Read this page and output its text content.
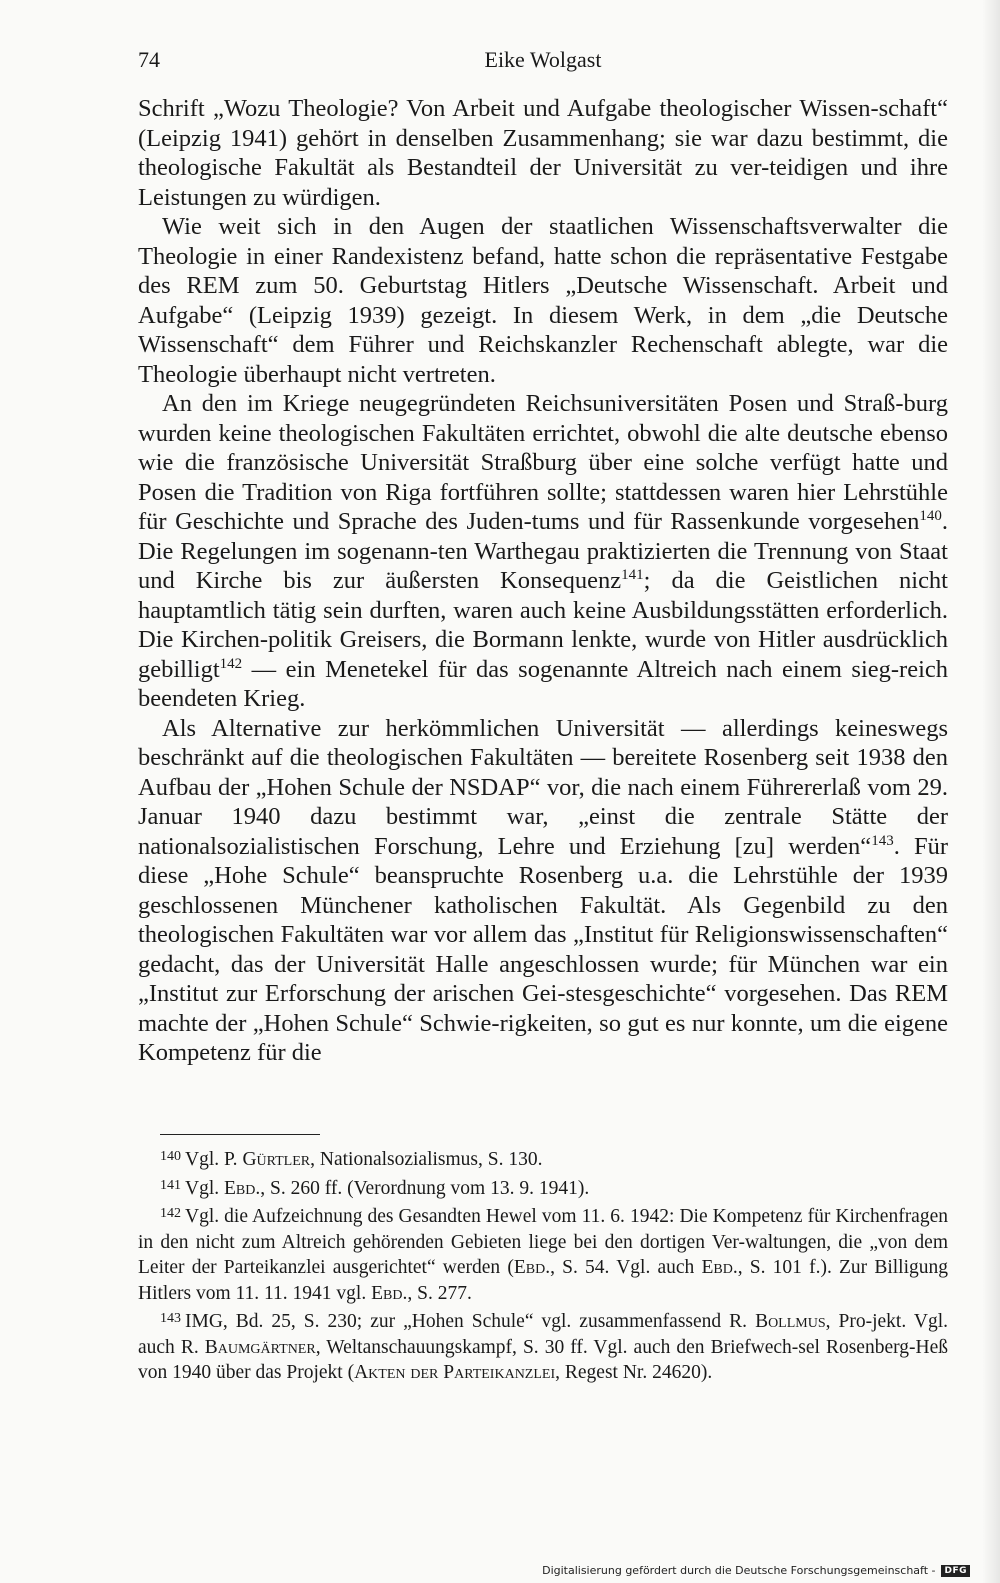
74	Eike Wolgast

Schrift „Wozu Theologie? Von Arbeit und Aufgabe theologischer Wissen-schaft“ (Leipzig 1941) gehört in denselben Zusammenhang; sie war dazu bestimmt, die theologische Fakultät als Bestandteil der Universität zu ver-teidigen und ihre Leistungen zu würdigen.

Wie weit sich in den Augen der staatlichen Wissenschaftsverwalter die Theologie in einer Randexistenz befand, hatte schon die repräsentative Festgabe des REM zum 50. Geburtstag Hitlers „Deutsche Wissenschaft. Arbeit und Aufgabe“ (Leipzig 1939) gezeigt. In diesem Werk, in dem „die Deutsche Wissenschaft“ dem Führer und Reichskanzler Rechenschaft ablegte, war die Theologie überhaupt nicht vertreten.

An den im Kriege neugegründeten Reichsuniversitäten Posen und Straß-burg wurden keine theologischen Fakultäten errichtet, obwohl die alte deutsche ebenso wie die französische Universität Straßburg über eine solche verfügt hatte und Posen die Tradition von Riga fortführen sollte; stattdessen waren hier Lehrstühle für Geschichte und Sprache des Juden-tums und für Rassenkunde vorgesehen$^{140}$. Die Regelungen im sogenann-ten Warthegau praktizierten die Trennung von Staat und Kirche bis zur äußersten Konsequenz$^{141}$; da die Geistlichen nicht hauptamtlich tätig sein durften, waren auch keine Ausbildungsstätten erforderlich. Die Kirchen-politik Greisers, die Bormann lenkte, wurde von Hitler ausdrücklich gebilligt$^{142}$ — ein Menetekel für das sogenannte Altreich nach einem sieg-reich beendeten Krieg.

Als Alternative zur herkömmlichen Universität — allerdings keineswegs beschränkt auf die theologischen Fakultäten — bereitete Rosenberg seit 1938 den Aufbau der „Hohen Schule der NSDAP“ vor, die nach einem Führererlaß vom 29. Januar 1940 dazu bestimmt war, „einst die zentrale Stätte der nationalsozialistischen Forschung, Lehre und Erziehung [zu] werden“$^{143}$. Für diese „Hohe Schule“ beanspruchte Rosenberg u.a. die Lehrstühle der 1939 geschlossenen Münchener katholischen Fakultät. Als Gegenbild zu den theologischen Fakultäten war vor allem das „Institut für Religionswissenschaften“ gedacht, das der Universität Halle angeschlossen wurde; für München war ein „Institut zur Erforschung der arischen Gei-stesgeschichte“ vorgesehen. Das REM machte der „Hohen Schule“ Schwie-rigkeiten, so gut es nur konnte, um die eigene Kompetenz für die

$^{140}$ Vgl. P. Gürtler, Nationalsozialismus, S. 130.

$^{141}$ Vgl. Ebd., S. 260 ff. (Verordnung vom 13. 9. 1941).

$^{142}$ Vgl. die Aufzeichnung des Gesandten Hewel vom 11. 6. 1942: Die Kompetenz für Kirchenfragen in den nicht zum Altreich gehörenden Gebieten liege bei den dortigen Ver-waltungen, die „von dem Leiter der Parteikanzlei ausgerichtet“ werden (Ebd., S. 54. Vgl. auch Ebd., S. 101 f.). Zur Billigung Hitlers vom 11. 11. 1941 vgl. Ebd., S. 277.

$^{143}$ IMG, Bd. 25, S. 230; zur „Hohen Schule“ vgl. zusammenfassend R. Bollmus, Pro-jekt. Vgl. auch R. Baumgärtner, Weltanschauungskampf, S. 30 ff. Vgl. auch den Briefwech-sel Rosenberg-Heß von 1940 über das Projekt (Akten der Parteikanzlei, Regest Nr. 24620).

Digitalisierung gefördert durch die Deutsche Forschungsgemeinschaft -	DFG
